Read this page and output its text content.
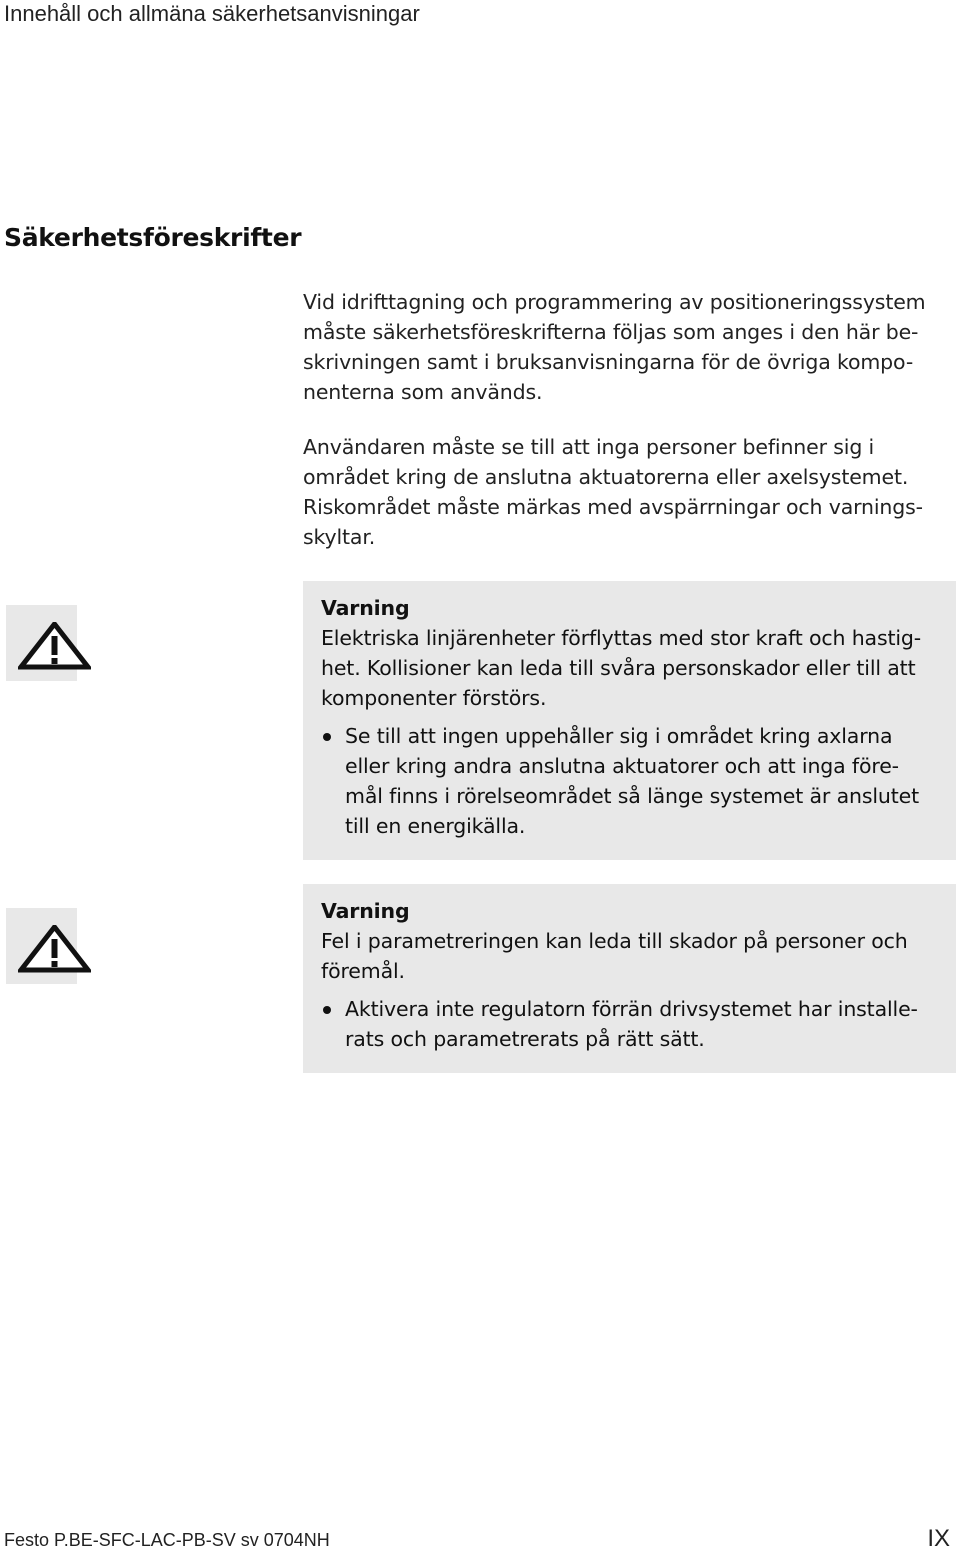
Innehåll och allmäna säkerhetsanvisningar
Säkerhetsföreskrifter
Vid idrifttagning och programmering av positioneringssystem
måste säkerhetsföreskrifterna följas som anges i den här be-
skrivningen samt i bruksanvisningarna för de övriga kompo-
nenterna som används.
Användaren måste se till att inga personer befinner sig i
området kring de anslutna aktuatorerna eller axelsystemet.
Riskområdet måste märkas med avspärrningar och varnings-
skyltar.
Varning
Elektriska linjärenheter förflyttas med stor kraft och hastig-
het. Kollisioner kan leda till svåra personskador eller till att
komponenter förstörs.
Se till att ingen uppehåller sig i området kring axlarna
eller kring andra anslutna aktuatorer och att inga före-
mål finns i rörelseområdet så länge systemet är anslutet
till en energikälla.
Varning
Fel i parametreringen kan leda till skador på personer och
föremål.
Aktivera inte regulatorn förrän drivsystemet har installe-
rats och parametrerats på rätt sätt.
Festo P.BE-SFC-LAC-PB-SV sv 0704NH	IX
